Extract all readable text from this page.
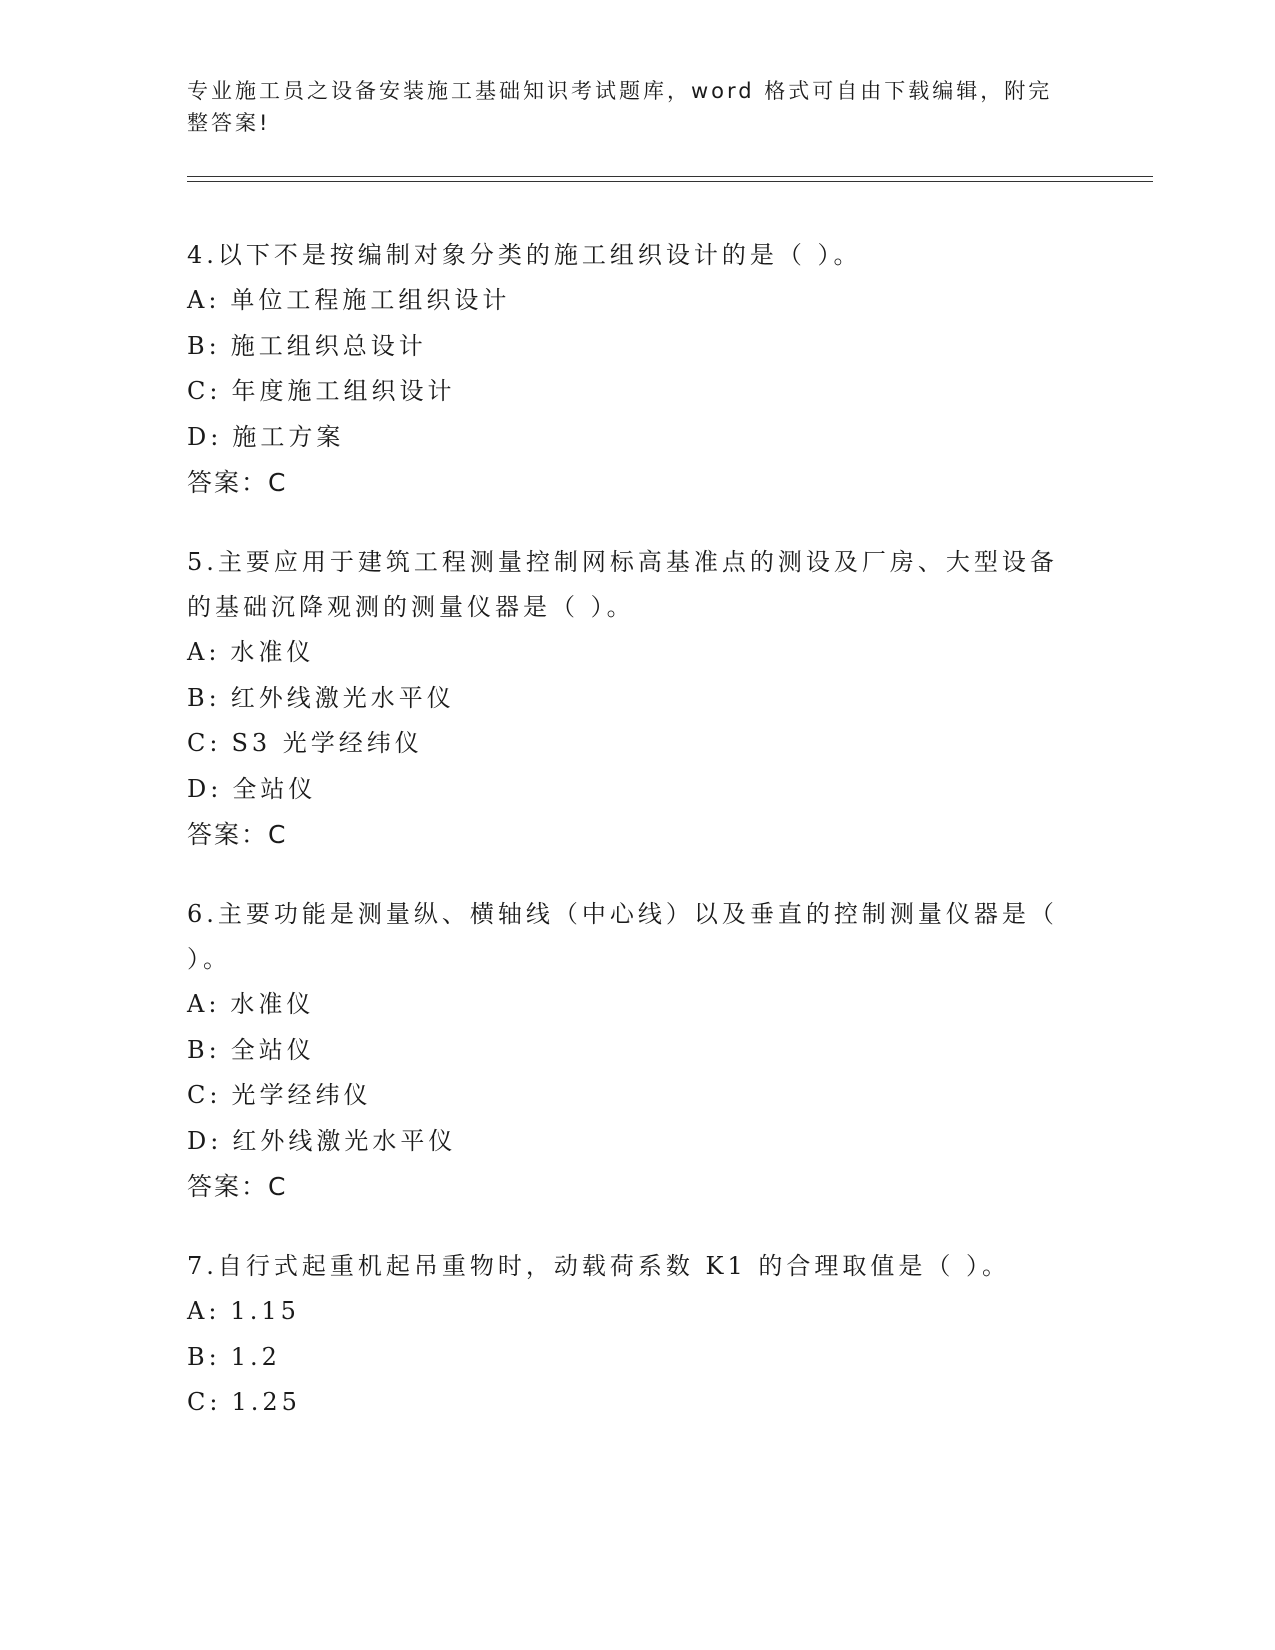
专业施工员之设备安装施工基础知识考试题库，word 格式可自由下载编辑，附完整答案!

4.以下不是按编制对象分类的施工组织设计的是（ ）。

A: 单位工程施工组织设计

B: 施工组织总设计

C: 年度施工组织设计

D: 施工方案

答案：C

5.主要应用于建筑工程测量控制网标高基准点的测设及厂房、大型设备的基础沉降观测的测量仪器是（ ）。

A: 水准仪

B: 红外线激光水平仪

C: S3 光学经纬仪

D: 全站仪

答案：C

6.主要功能是测量纵、横轴线（中心线）以及垂直的控制测量仪器是（ ）。

A: 水准仪

B: 全站仪

C: 光学经纬仪

D: 红外线激光水平仪

答案：C

7.自行式起重机起吊重物时，动载荷系数 K1 的合理取值是（ ）。

A: 1.15

B: 1.2

C: 1.25
